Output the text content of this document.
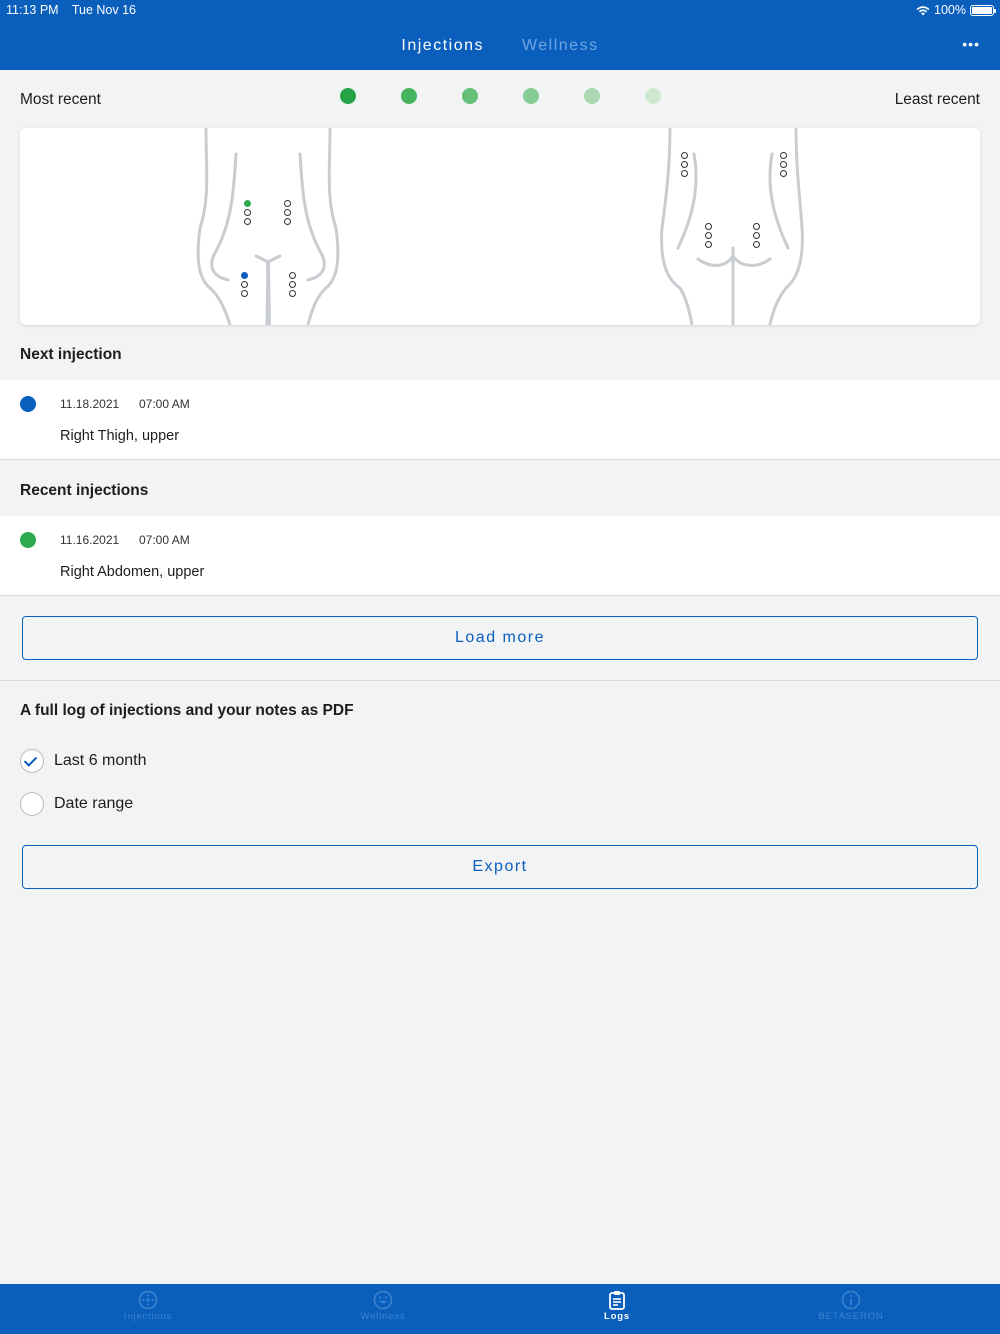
11:13 PM Tue Nov 16	100%
Injections Wellness	•••
Most recent	Least recent
Next injection
11.18.2021 07:00 AM
Right Thigh, upper
Recent injections
11.16.2021 07:00 AM
Right Abdomen, upper
Load more
A full log of injections and your notes as PDF
Last 6 month
Date range
Export
Injections	Wellness	Logs	BETASERON
